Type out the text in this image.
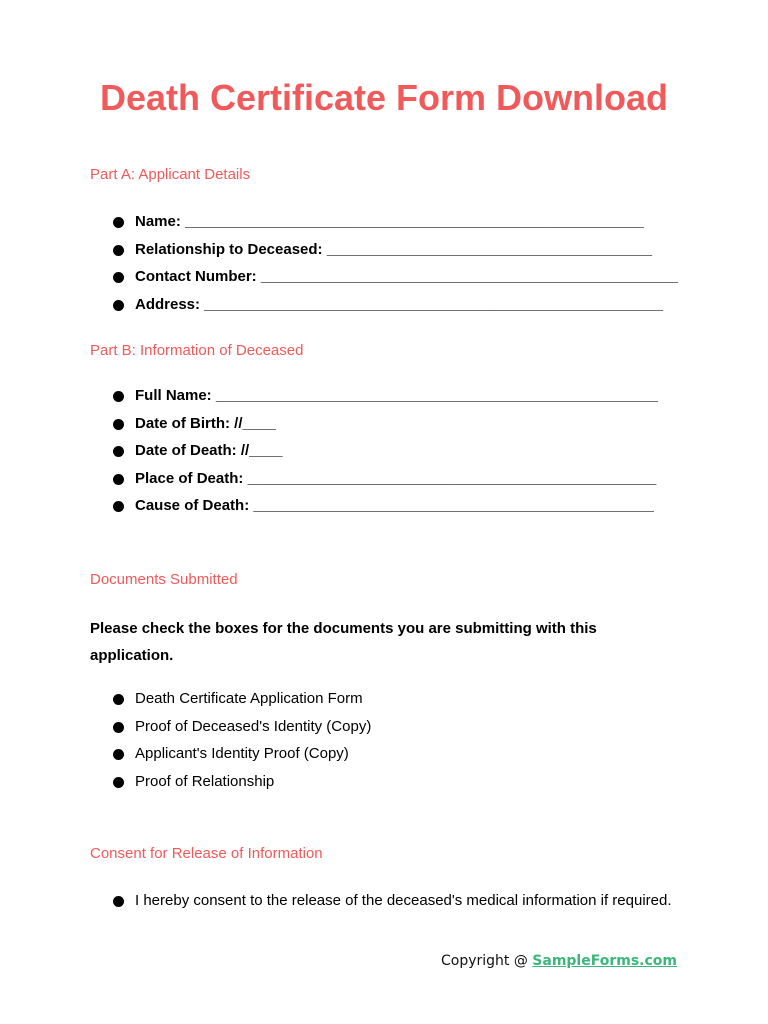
Death Certificate Form Download
Part A: Applicant Details
Name: _______________________________________________________
Relationship to Deceased: _______________________________________
Contact Number: __________________________________________________
Address: _______________________________________________________
Part B: Information of Deceased
Full Name: _____________________________________________________
Date of Birth: //____
Date of Death: //____
Place of Death: _________________________________________________
Cause of Death: ________________________________________________
Documents Submitted

Please check the boxes for the documents you are submitting with this application.

Death Certificate Application Form
Proof of Deceased's Identity (Copy)
Applicant's Identity Proof (Copy)
Proof of Relationship
Consent for Release of Information
I hereby consent to the release of the deceased's medical information if required.
Copyright @ SampleForms.com
